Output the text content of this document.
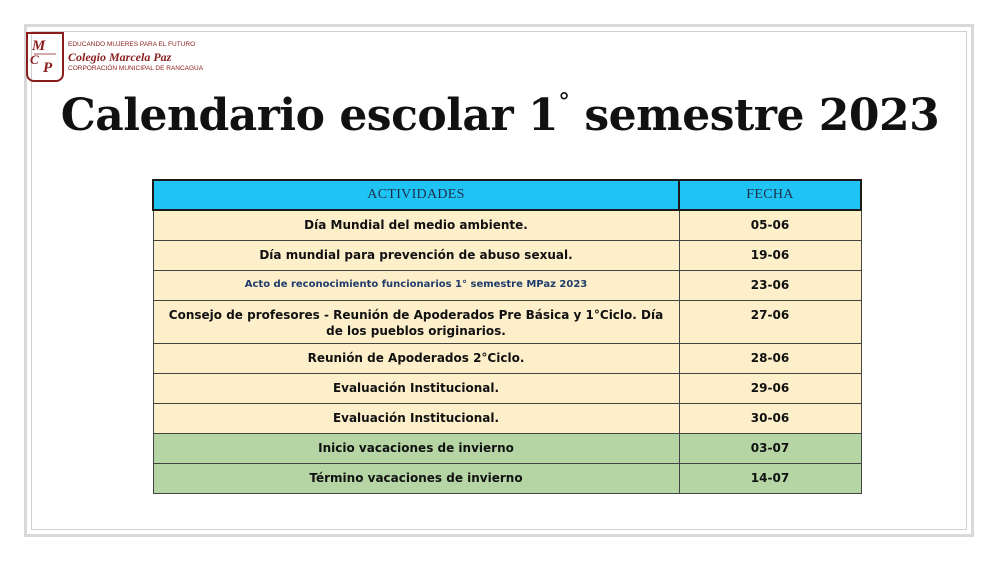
M
C
P
EDUCANDO MUJERES PARA EL FUTURO
Colegio Marcela Paz
CORPORACIÓN MUNICIPAL DE RANCAGUA
Calendario escolar 1° semestre 2023
ACTIVIDADES	FECHA
Día Mundial del medio ambiente.	05-06
Día mundial para prevención de abuso sexual.	19-06
Acto de reconocimiento funcionarios 1° semestre MPaz 2023	23-06
Consejo de profesores - Reunión de Apoderados Pre Básica y 1°Ciclo. Día de los pueblos originarios.	27-06
Reunión de Apoderados 2°Ciclo.	28-06
Evaluación Institucional.	29-06
Evaluación Institucional.	30-06
Inicio vacaciones de invierno	03-07
Término vacaciones de invierno	14-07
